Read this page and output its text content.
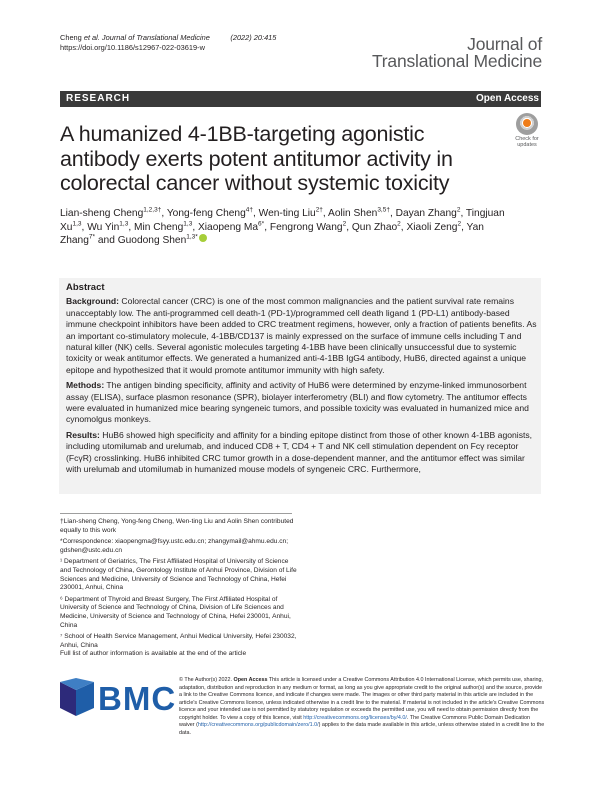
Cheng et al. Journal of Translational Medicine	(2022) 20:415
https://doi.org/10.1186/s12967-022-03619-w	Journal of
Translational Medicine
RESEARCH	Open Access
A humanized 4-1BB-targeting agonistic antibody exerts potent antitumor activity in colorectal cancer without systemic toxicity
Check for updates
Lian-sheng Cheng$^{1,2,3\dagger}$, Yong-feng Cheng$^{4\dagger}$, Wen-ting Liu$^{2\dagger}$, Aolin Shen$^{3,5\dagger}$, Dayan Zhang$^2$, Tingjuan Xu$^{1,3}$, Wu Yin$^{1,3}$, Min Cheng$^{1,3}$, Xiaopeng $Ma^{6*}$, Fengrong Wang$^2$, Qun Zhao$^2$, Xiaoli Zeng$^2$, Yan Zhang$^{7*}$ and Guodong Shen$^{1,3*}$
Abstract

Background: Colorectal cancer (CRC) is one of the most common malignancies and the patient survival rate remains unacceptably low. The anti-programmed cell death-1 (PD-1)/programmed cell death ligand 1 (PD-L1) antibody-based immune checkpoint inhibitors have been added to CRC treatment regimens, however, only a fraction of patients benefits. As an important co-stimulatory molecule, 4-1BB/CD137 is mainly expressed on the surface of immune cells including T and natural killer (NK) cells. Several agonistic molecules targeting 4-1BB have been clinically unsuccessful due to systemic toxicity or weak antitumor effects. We generated a humanized anti-4-1BB IgG4 antibody, HuB6, directed against a unique epitope and hypothesized that it would promote antitumor immunity with high safety.

Methods: The antigen binding specificity, affinity and activity of HuB6 were determined by enzyme-linked immunosorbent assay (ELISA), surface plasmon resonance (SPR), biolayer interferometry (BLI) and flow cytometry. The antitumor effects were evaluated in humanized mice bearing syngeneic tumors, and possible toxicity was evaluated in humanized mice and cynomolgus monkeys.

Results: HuB6 showed high specificity and affinity for a binding epitope distinct from those of other known 4-1BB agonists, including utomilumab and urelumab, and induced CD8 + T, CD4 + T and NK cell stimulation dependent on Fcγ receptor (FcγR) crosslinking. HuB6 inhibited CRC tumor growth in a dose-dependent manner, and the antitumor effect was similar with urelumab and utomilumab in humanized mouse models of syngeneic CRC. Furthermore,

†Lian-sheng Cheng, Yong-feng Cheng, Wen-ting Liu and Aolin Shen contributed equally to this work

*Correspondence: xiaopengma@fsyy.ustc.edu.cn; zhangymail@ahmu.edu.cn; gdshen@ustc.edu.cn

¹ Department of Geriatrics, The First Affiliated Hospital of University of Science and Technology of China, Gerontology Institute of Anhui Province, Division of Life Sciences and Medicine, University of Science and Technology of China, Hefei 230001, Anhui, China

⁶ Department of Thyroid and Breast Surgery, The First Affiliated Hospital of University of Science and Technology of China, Division of Life Sciences and Medicine, University of Science and Technology of China, Hefei 230001, Anhui, China

⁷ School of Health Service Management, Anhui Medical University, Hefei 230032, Anhui, China

Full list of author information is available at the end of the article

BMC © The Author(s) 2022. Open Access This article is licensed under a Creative Commons Attribution 4.0 International License, which permits use, sharing, adaptation, distribution and reproduction in any medium or format, as long as you give appropriate credit to the original author(s) and the source, provide a link to the Creative Commons licence, and indicate if changes were made. The images or other third party material in this article are included in the article's Creative Commons licence, unless indicated otherwise in a credit line to the material. If material is not included in the article's Creative Commons licence and your intended use is not permitted by statutory regulation or exceeds the permitted use, you will need to obtain permission directly from the copyright holder. To view a copy of this licence, visit http://creativecommons.org/licenses/by/4.0/. The Creative Commons Public Domain Dedication waiver (http://creativecommons.org/publicdomain/zero/1.0/) applies to the data made available in this article, unless otherwise stated in a credit line to the data.
